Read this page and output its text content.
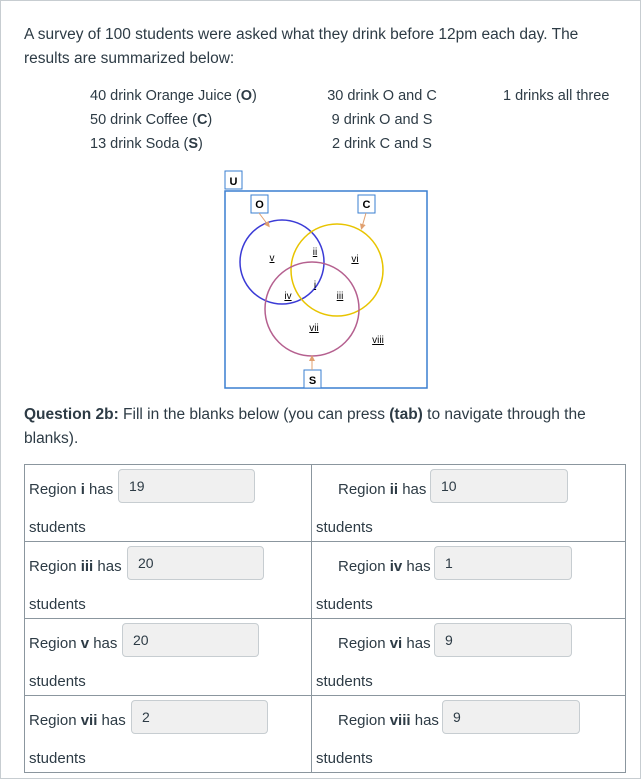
A survey of 100 students were asked what they drink before 12pm each day. The results are summarized below:

40 drink Orange Juice (O)
50 drink Coffee (C)
13 drink Soda (S)
30 drink O and C
9 drink O and S
2 drink C and S
1 drinks all three
U
O	C
S
v
ii
vi
i
iv	iii
vii
viii

Question 2b: Fill in the blanks below (you can press (tab) to navigate through the blanks).

Region i has 19
students	Region ii has 10
students

Region iii has 20
students	Region iv has 1
students

Region v has 20
students	Region vi has 9
students

Region vii has 2
students	Region viii has 9
students
